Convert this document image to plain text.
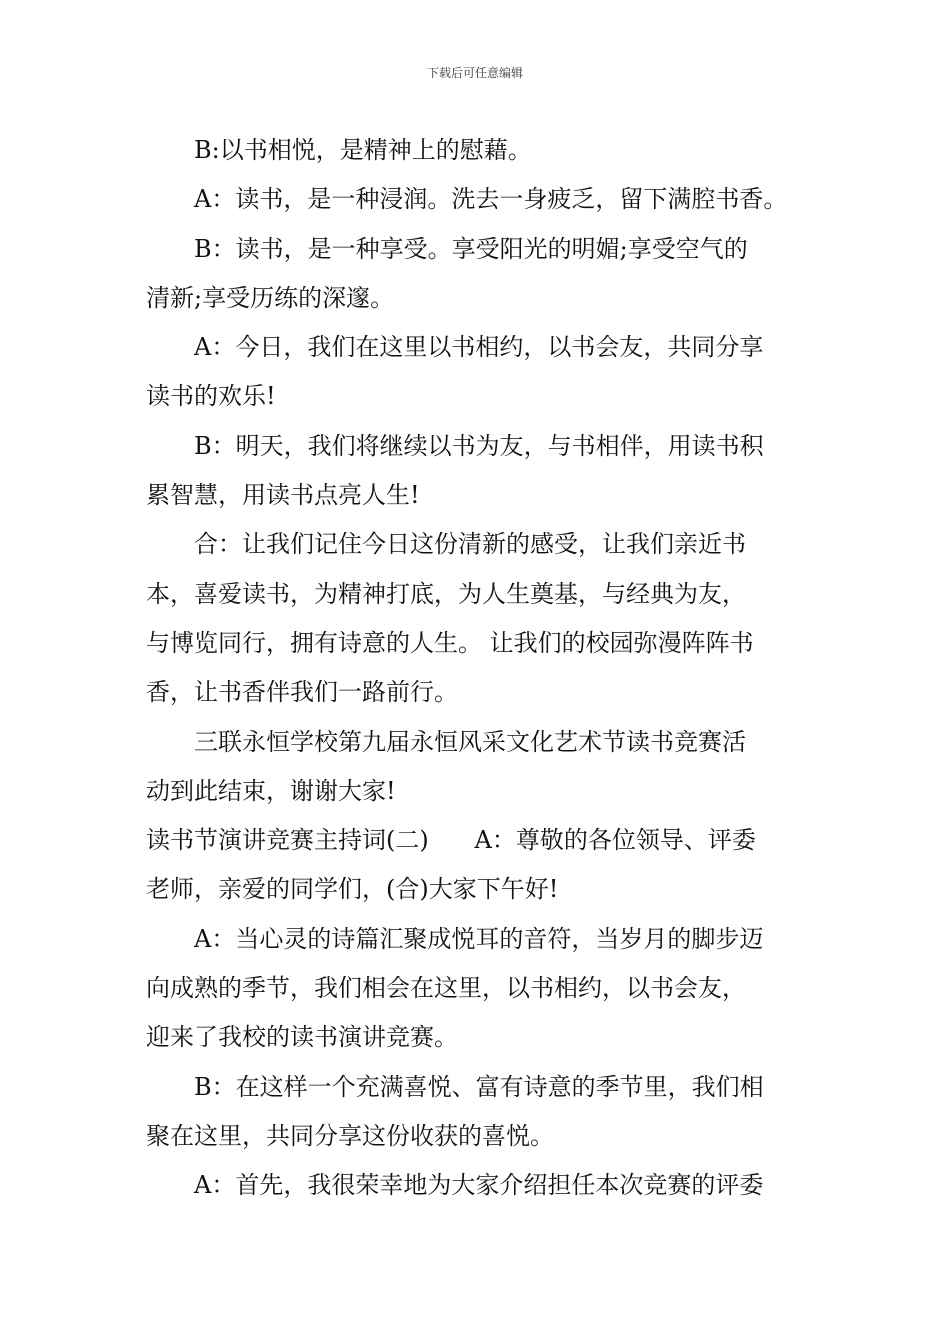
下载后可任意编辑

B:以书相悦，是精神上的慰藉。

A：读书，是一种浸润。洗去一身疲乏，留下满腔书香。

B：读书，是一种享受。享受阳光的明媚;享受空气的

清新;享受历练的深邃。

A：今日，我们在这里以书相约，以书会友，共同分享

读书的欢乐!

B：明天，我们将继续以书为友，与书相伴，用读书积

累智慧，用读书点亮人生!

合：让我们记住今日这份清新的感受，让我们亲近书

本，喜爱读书，为精神打底，为人生奠基，与经典为友，

与博览同行，拥有诗意的人生。 让我们的校园弥漫阵阵书

香，让书香伴我们一路前行。

三联永恒学校第九届永恒风采文化艺术节读书竞赛活

动到此结束，谢谢大家!

读书节演讲竞赛主持词(二)      A：尊敬的各位领导、评委

老师，亲爱的同学们，(合)大家下午好!

A：当心灵的诗篇汇聚成悦耳的音符，当岁月的脚步迈

向成熟的季节，我们相会在这里，以书相约，以书会友，

迎来了我校的读书演讲竞赛。

B：在这样一个充满喜悦、富有诗意的季节里，我们相

聚在这里，共同分享这份收获的喜悦。

A：首先，我很荣幸地为大家介绍担任本次竞赛的评委
